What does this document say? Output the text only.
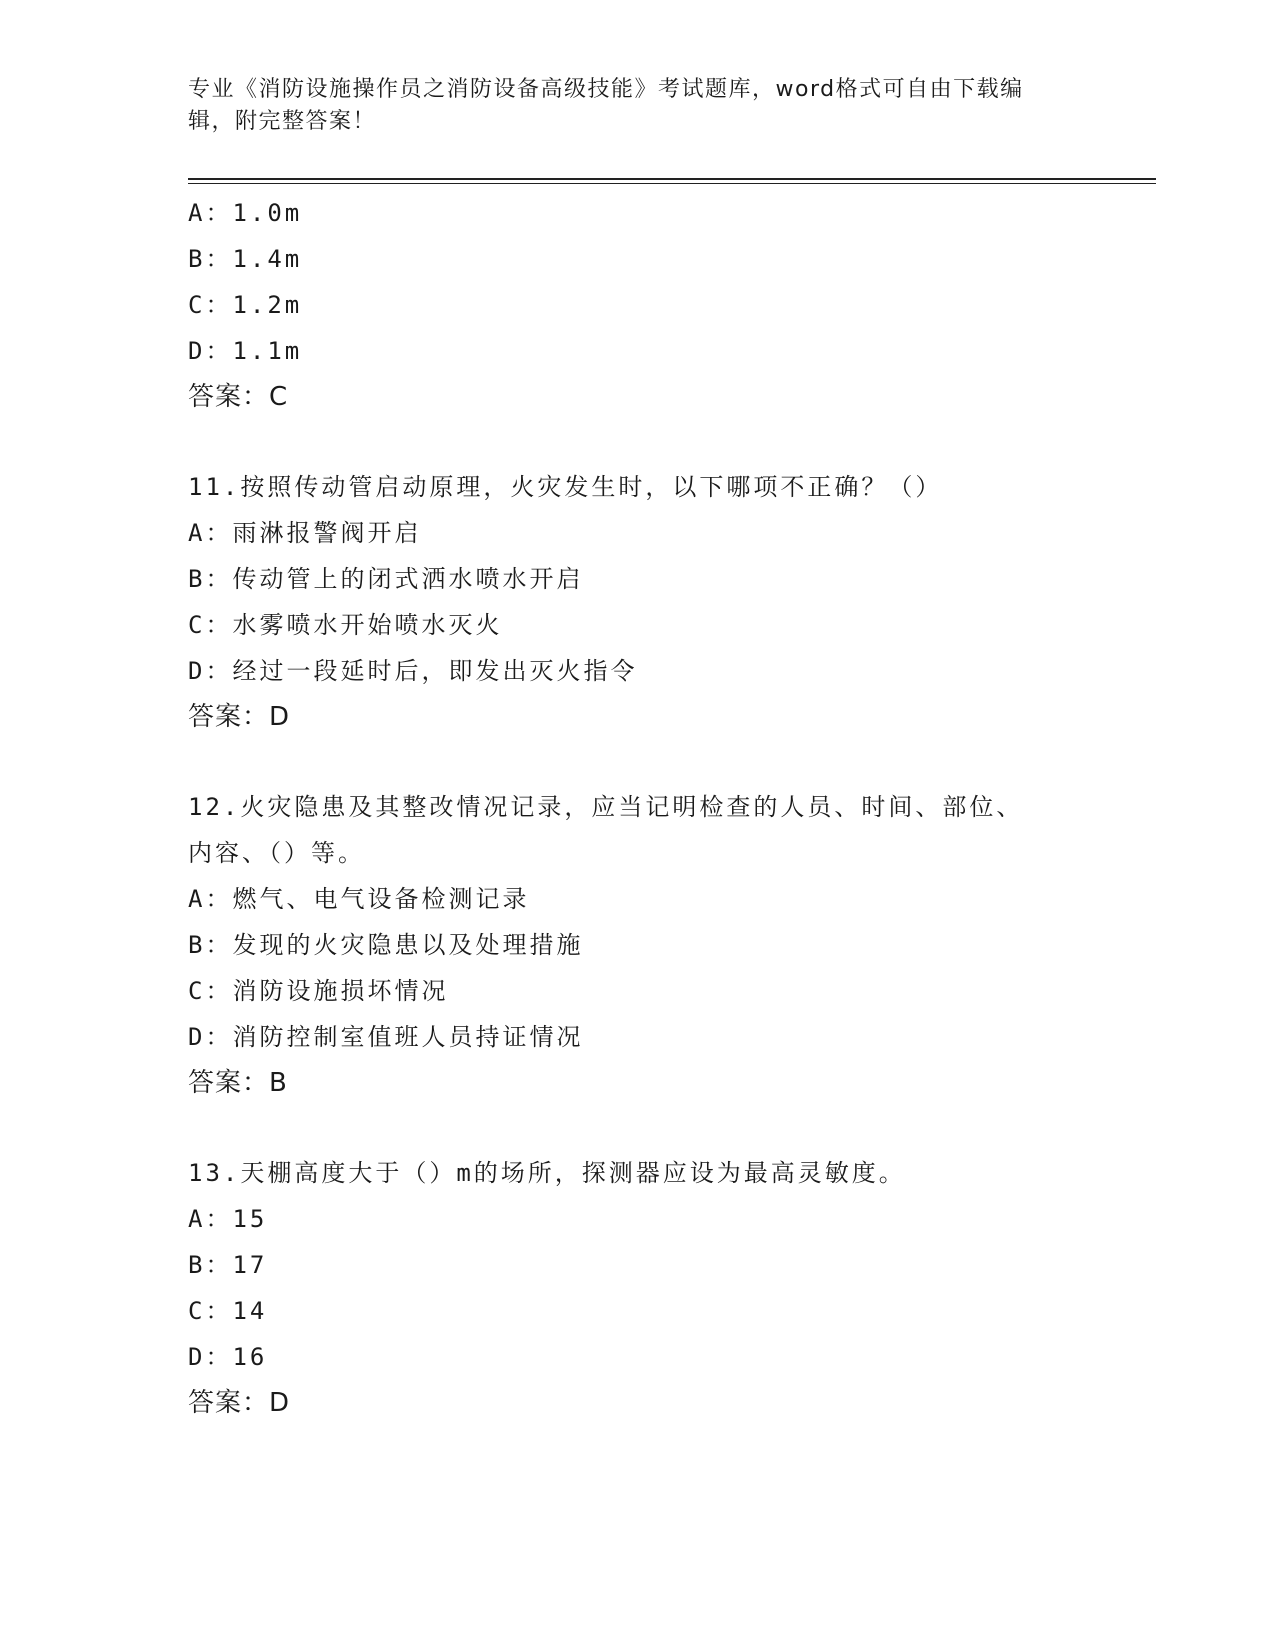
专业《消防设施操作员之消防设备高级技能》考试题库，word格式可自由下载编
辑，附完整答案！
A：1.0m
B：1.4m
C：1.2m
D：1.1m
答案：C
11.按照传动管启动原理，火灾发生时，以下哪项不正确？（）
A：雨淋报警阀开启
B：传动管上的闭式洒水喷水开启
C：水雾喷水开始喷水灭火
D：经过一段延时后，即发出灭火指令
答案：D
12.火灾隐患及其整改情况记录，应当记明检查的人员、时间、部位、
内容、（）等。
A：燃气、电气设备检测记录
B：发现的火灾隐患以及处理措施
C：消防设施损坏情况
D：消防控制室值班人员持证情况
答案：B
13.天棚高度大于（）m的场所，探测器应设为最高灵敏度。
A：15
B：17
C：14
D：16
答案：D
